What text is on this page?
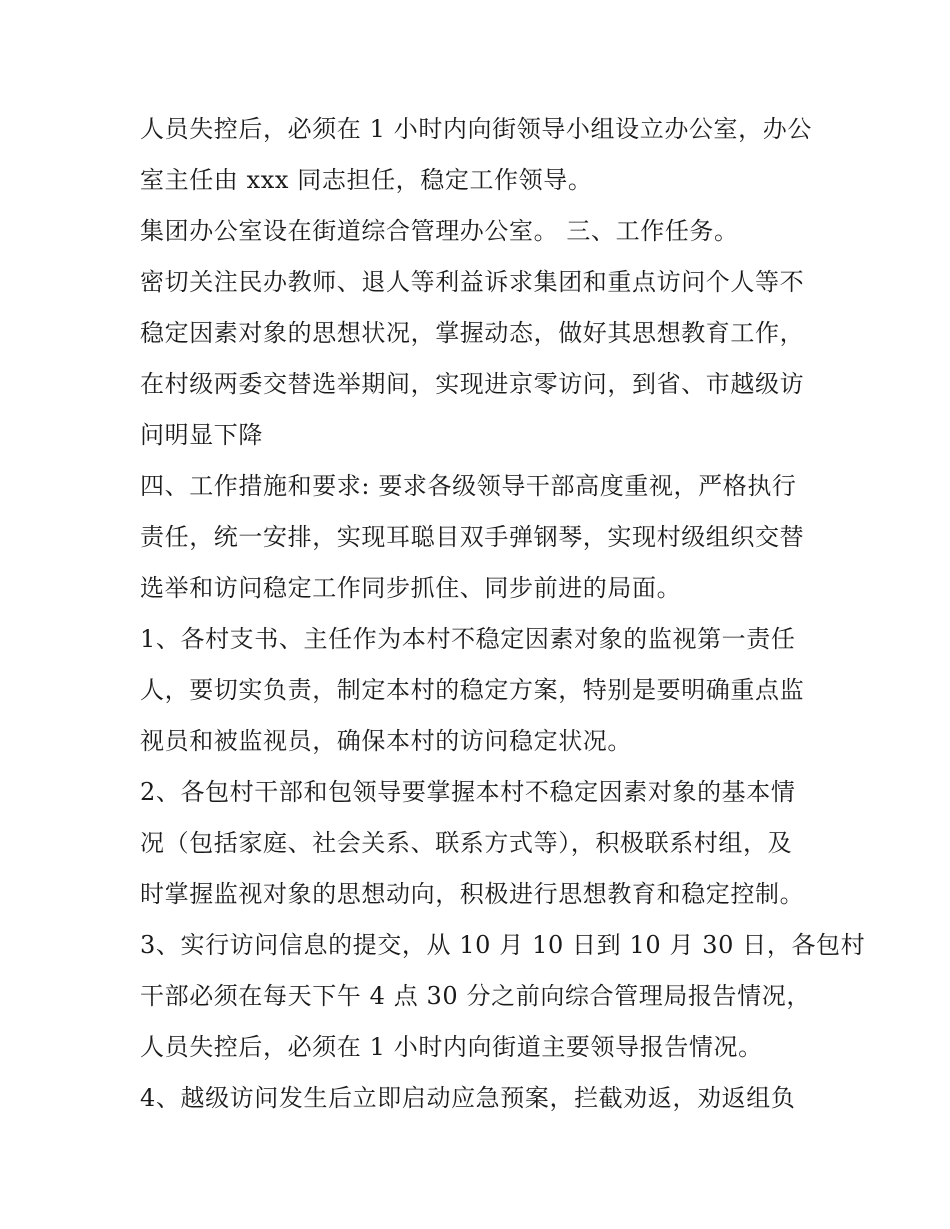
人员失控后，必须在 1 小时内向街领导小组设立办公室，办公
室主任由 xxx 同志担任，稳定工作领导。
集团办公室设在街道综合管理办公室。 三、工作任务。
密切关注民办教师、退人等利益诉求集团和重点访问个人等不
稳定因素对象的思想状况，掌握动态，做好其思想教育工作，
在村级两委交替选举期间，实现进京零访问，到省、市越级访
问明显下降
四、工作措施和要求: 要求各级领导干部高度重视，严格执行
责任，统一安排，实现耳聪目双手弹钢琴，实现村级组织交替
选举和访问稳定工作同步抓住、同步前进的局面。
1、各村支书、主任作为本村不稳定因素对象的监视第一责任
人，要切实负责，制定本村的稳定方案，特别是要明确重点监
视员和被监视员，确保本村的访问稳定状况。
2、各包村干部和包领导要掌握本村不稳定因素对象的基本情
况（包括家庭、社会关系、联系方式等），积极联系村组，及
时掌握监视对象的思想动向，积极进行思想教育和稳定控制。
3、实行访问信息的提交，从 10 月 10 日到 10 月 30 日，各包村
干部必须在每天下午 4 点 30 分之前向综合管理局报告情况，
人员失控后，必须在 1 小时内向街道主要领导报告情况。
4、越级访问发生后立即启动应急预案，拦截劝返，劝返组负
